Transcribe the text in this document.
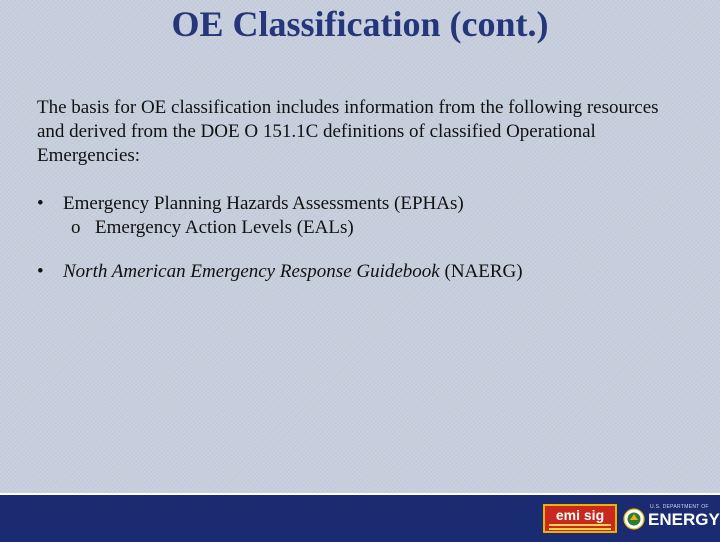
OE Classification (cont.)

The basis for OE classification includes information from the following resources and derived from the DOE O 151.1C definitions of classified Operational Emergencies:

• Emergency Planning Hazards Assessments (EPHAs)
o Emergency Action Levels (EALs)
• North American Emergency Response Guidebook (NAERG)
emi sig	U.S. DEPARTMENT OF
ENERGY
